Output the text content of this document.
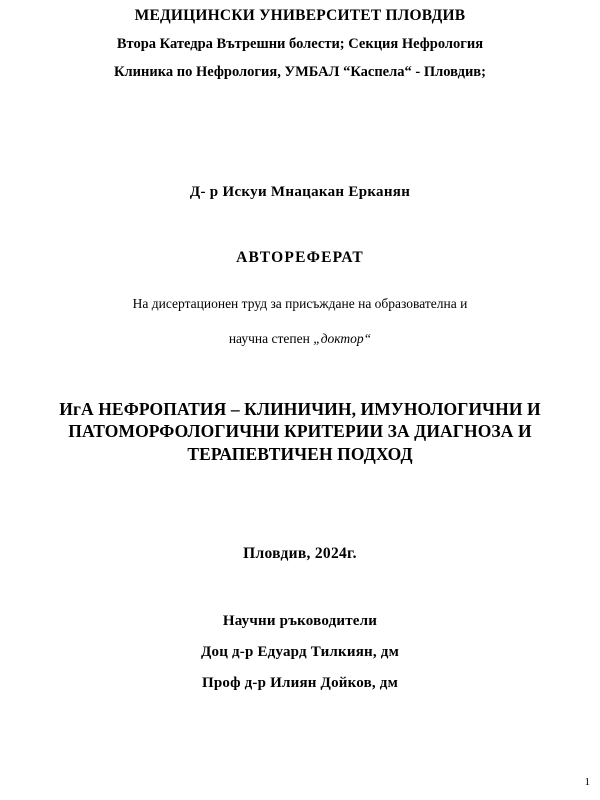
МЕДИЦИНСКИ УНИВЕРСИТЕТ ПЛОВДИВ
Втора Катедра Вътрешни болести; Секция Нефрология
Клиника по Нефрология, УМБАЛ “Каспела“ - Пловдив;
Д- р Искуи Мнацакан Ерканян
АВТОРЕФЕРАТ
На дисертационен труд за присъждане на образователна и
научна степен „доктор“
ИгА НЕФРОПАТИЯ – КЛИНИЧИН, ИМУНОЛОГИЧНИ И ПАТОМОРФОЛОГИЧНИ КРИТЕРИИ ЗА ДИАГНОЗА И ТЕРАПЕВТИЧЕН ПОДХОД
Пловдив, 2024г.
Научни ръководители
Доц д-р Едуард Тилкиян, дм
Проф д-р Илиян Дойков, дм
1
